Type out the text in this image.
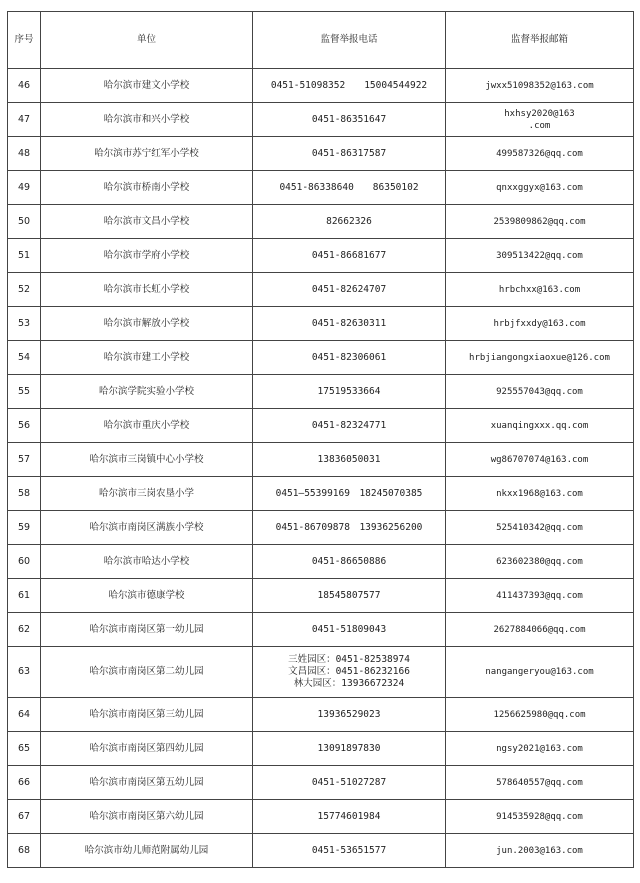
序号	单位	监督举报电话	监督举报邮箱
46	哈尔滨市建文小学校	0451-51098352　　15004544922	jwxx51098352@163.com

47	哈尔滨市和兴小学校	0451-86351647	hxhsy2020@163
.com

48	哈尔滨市苏宁红军小学校	0451-86317587	499587326@qq.com

49	哈尔滨市桥南小学校	0451-86338640　　86350102	qnxxggyx@163.com

50	哈尔滨市文昌小学校	82662326	2539809862@qq.com

51	哈尔滨市学府小学校	0451-86681677	309513422@qq.com

52	哈尔滨市长虹小学校	0451-82624707	hrbchxx@163.com

53	哈尔滨市解放小学校	0451-82630311	hrbjfxxdy@163.com

54	哈尔滨市建工小学校	0451-82306061	hrbjiangongxiaoxue@126.com

55	哈尔滨学院实验小学校	17519533664	925557043@qq.com

56	哈尔滨市重庆小学校	0451-82324771	xuanqingxxx.qq.com

57	哈尔滨市三岗镇中心小学校	13836050031	wg86707074@163.com

58	哈尔滨市三岗农垦小学	0451—55399169　18245070385	nkxx1968@163.com

59	哈尔滨市南岗区满族小学校	0451-86709878　13936256200	525410342@qq.com

60	哈尔滨市哈达小学校	0451-86650886	623602380@qq.com

61	哈尔滨市德康学校	18545807577	411437393@qq.com

62	哈尔滨市南岗区第一幼儿园	0451-51809043	2627884066@qq.com

63	哈尔滨市南岗区第二幼儿园	三姓园区：0451-82538974
文昌园区：0451-86232166
林大园区：13936672324	nangangeryou@163.com

64	哈尔滨市南岗区第三幼儿园	13936529023	1256625980@qq.com

65	哈尔滨市南岗区第四幼儿园	13091897830	ngsy2021@163.com

66	哈尔滨市南岗区第五幼儿园	0451-51027287	578640557@qq.com

67	哈尔滨市南岗区第六幼儿园	15774601984	914535928@qq.com

68	哈尔滨市幼儿师范附属幼儿园	0451-53651577	jun.2003@163.com
